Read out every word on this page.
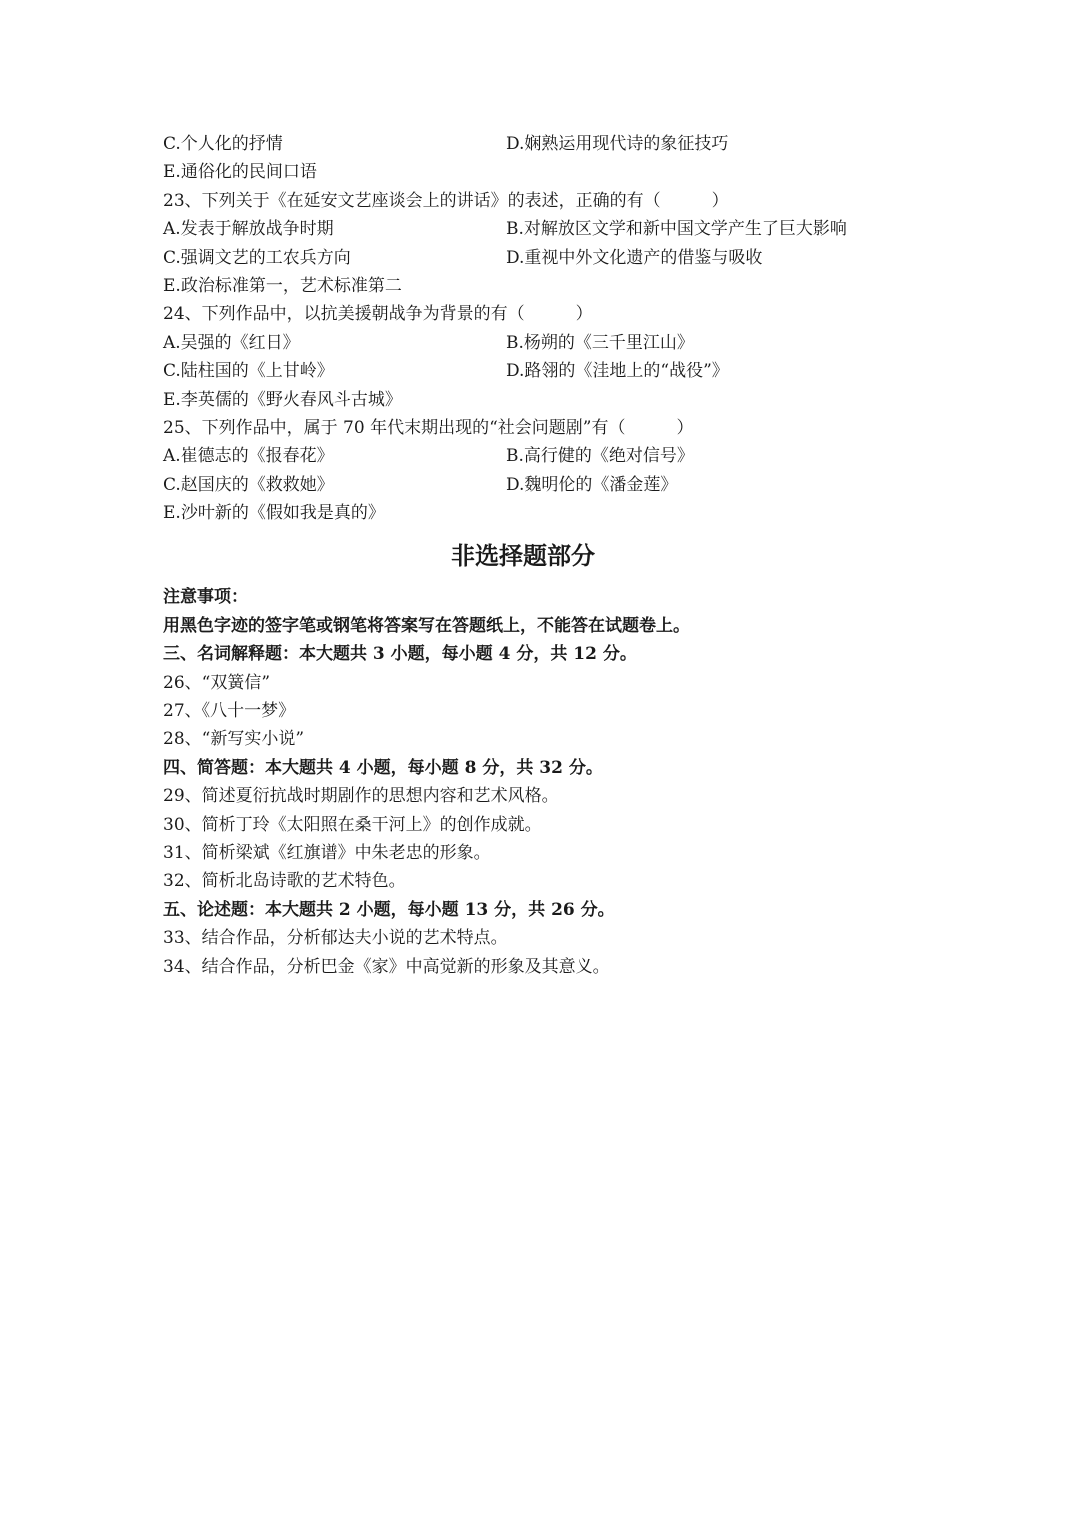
C.个人化的抒情	D.娴熟运用现代诗的象征技巧
E.通俗化的民间口语
23、下列关于《在延安文艺座谈会上的讲话》的表述，正确的有（　　　）
A.发表于解放战争时期	B.对解放区文学和新中国文学产生了巨大影响
C.强调文艺的工农兵方向	D.重视中外文化遗产的借鉴与吸收
E.政治标准第一，艺术标准第二
24、下列作品中，以抗美援朝战争为背景的有（　　　）
A.吴强的《红日》	B.杨朔的《三千里江山》
C.陆柱国的《上甘岭》	D.路翎的《洼地上的“战役”》
E.李英儒的《野火春风斗古城》
25、下列作品中，属于 70 年代末期出现的“社会问题剧”有（　　　）
A.崔德志的《报春花》	B.高行健的《绝对信号》
C.赵国庆的《救救她》	D.魏明伦的《潘金莲》
E.沙叶新的《假如我是真的》
非选择题部分
注意事项：
用黑色字迹的签字笔或钢笔将答案写在答题纸上，不能答在试题卷上。
三、名词解释题：本大题共 3 小题，每小题 4 分，共 12 分。
26、“双簧信”
27、《八十一梦》
28、“新写实小说”
四、简答题：本大题共 4 小题，每小题 8 分，共 32 分。
29、简述夏衍抗战时期剧作的思想内容和艺术风格。
30、简析丁玲《太阳照在桑干河上》的创作成就。
31、简析梁斌《红旗谱》中朱老忠的形象。
32、简析北岛诗歌的艺术特色。
五、论述题：本大题共 2 小题，每小题 13 分，共 26 分。
33、结合作品，分析郁达夫小说的艺术特点。
34、结合作品，分析巴金《家》中高觉新的形象及其意义。
